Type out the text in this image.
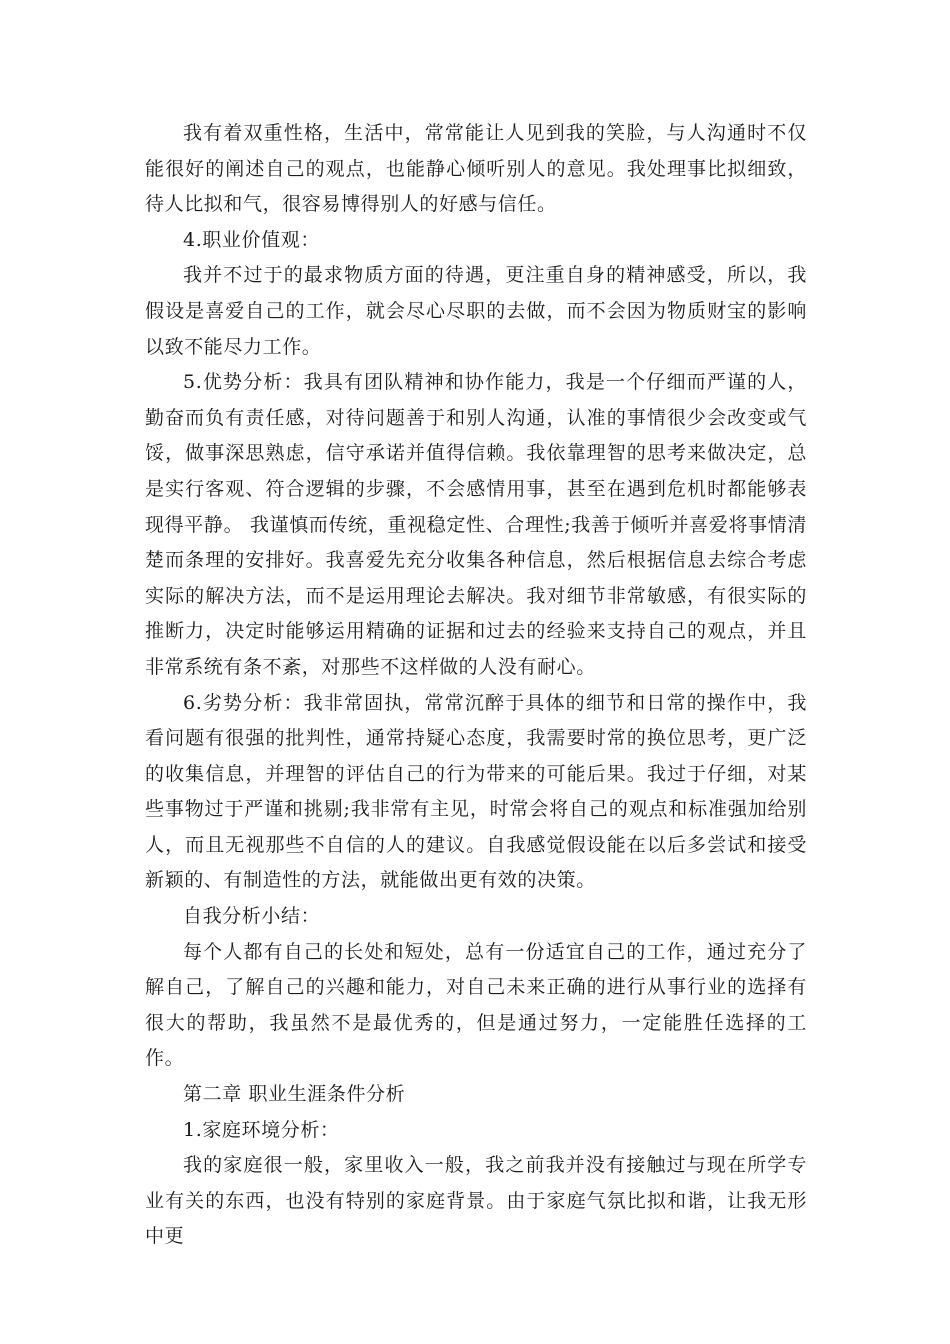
我有着双重性格，生活中，常常能让人见到我的笑脸，与人沟通时不仅能很好的阐述自己的观点，也能静心倾听别人的意见。我处理事比拟细致，待人比拟和气，很容易博得别人的好感与信任。

4.职业价值观：

我并不过于的最求物质方面的待遇，更注重自身的精神感受，所以，我假设是喜爱自己的工作，就会尽心尽职的去做，而不会因为物质财宝的影响以致不能尽力工作。

5.优势分析：我具有团队精神和协作能力，我是一个仔细而严谨的人，勤奋而负有责任感，对待问题善于和别人沟通，认准的事情很少会改变或气馁，做事深思熟虑，信守承诺并值得信赖。我依靠理智的思考来做决定，总是实行客观、符合逻辑的步骤，不会感情用事，甚至在遇到危机时都能够表现得平静。 我谨慎而传统，重视稳定性、合理性;我善于倾听并喜爱将事情清楚而条理的安排好。我喜爱先充分收集各种信息，然后根据信息去综合考虑实际的解决方法，而不是运用理论去解决。我对细节非常敏感，有很实际的推断力，决定时能够运用精确的证据和过去的经验来支持自己的观点，并且非常系统有条不紊，对那些不这样做的人没有耐心。

6.劣势分析：我非常固执，常常沉醉于具体的细节和日常的操作中，我看问题有很强的批判性，通常持疑心态度，我需要时常的换位思考，更广泛的收集信息，并理智的评估自己的行为带来的可能后果。我过于仔细，对某些事物过于严谨和挑剔;我非常有主见，时常会将自己的观点和标准强加给别人，而且无视那些不自信的人的建议。自我感觉假设能在以后多尝试和接受新颖的、有制造性的方法，就能做出更有效的决策。

自我分析小结：

每个人都有自己的长处和短处，总有一份适宜自己的工作，通过充分了解自己，了解自己的兴趣和能力，对自己未来正确的进行从事行业的选择有很大的帮助，我虽然不是最优秀的，但是通过努力，一定能胜任选择的工作。

第二章 职业生涯条件分析

1.家庭环境分析：

我的家庭很一般，家里收入一般，我之前我并没有接触过与现在所学专业有关的东西，也没有特别的家庭背景。由于家庭气氛比拟和谐，让我无形中更
